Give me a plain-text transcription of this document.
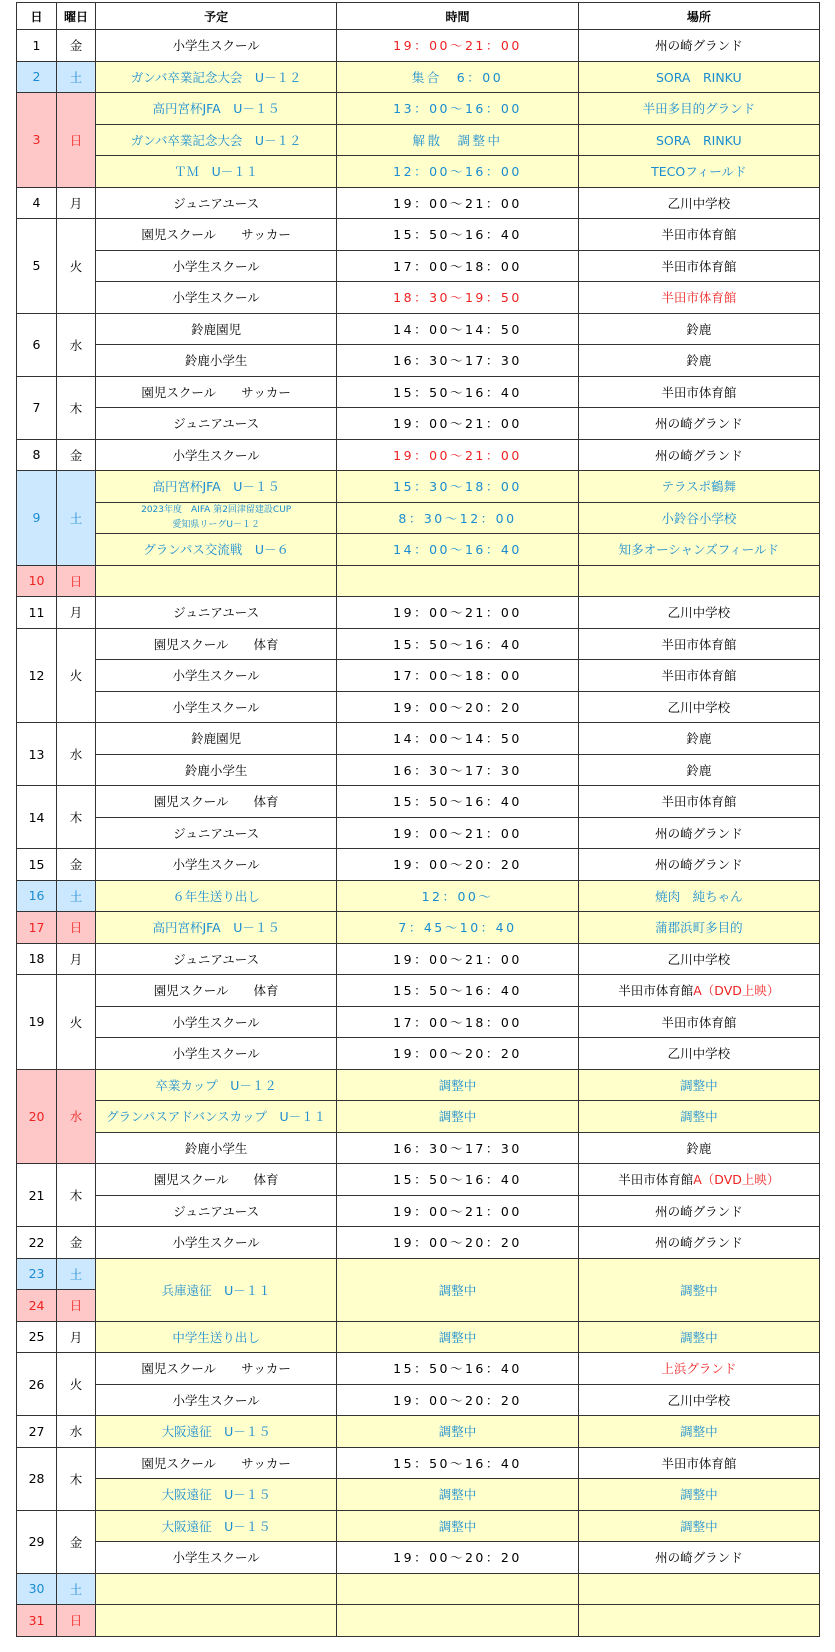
日	曜日	予定	時間	場所
1	金	小学生スクール	19：00～21：00	州の崎グランド
2	土	ガンバ卒業記念大会　U－１２	集合　6：00	SORA　RINKU
3	日	高円宮杯JFA　U－１５	13：00～16：00	半田多目的グランド
		ガンバ卒業記念大会　U－１２	解散　調整中	SORA　RINKU
		ＴＭ　U－１１	12：00～16：00	TECOフィールド
4	月	ジュニアユース	19：00～21：00	乙川中学校
5	火	園児スクール　　サッカー	15：50～16：40	半田市体育館
		小学生スクール	17：00～18：00	半田市体育館
		小学生スクール	18：30～19：50	半田市体育館
6	水	鈴鹿園児	14：00～14：50	鈴鹿
		鈴鹿小学生	16：30～17：30	鈴鹿
7	木	園児スクール　　サッカー	15：50～16：40	半田市体育館
		ジュニアユース	19：00～21：00	州の崎グランド
8	金	小学生スクール	19：00～21：00	州の崎グランド
9	土	高円宮杯JFA　U－１５	15：30～18：00	テラスポ鶴舞

		2023年度　AIFA 第2回津留建設CUP
愛知県リーグU－１２	8：30～12：00	小鈴谷小学校
		グランパス交流戦　U－６	14：00～16：40	知多オーシャンズフィールド
10	日			
11	月	ジュニアユース	19：00～21：00	乙川中学校
12	火	園児スクール　　体育	15：50～16：40	半田市体育館
		小学生スクール	17：00～18：00	半田市体育館
		小学生スクール	19：00～20：20	乙川中学校
13	水	鈴鹿園児	14：00～14：50	鈴鹿
		鈴鹿小学生	16：30～17：30	鈴鹿
14	木	園児スクール　　体育	15：50～16：40	半田市体育館
		ジュニアユース	19：00～21：00	州の崎グランド
15	金	小学生スクール	19：00～20：20	州の崎グランド
16	土	６年生送り出し	12：00～	焼肉　純ちゃん
17	日	高円宮杯JFA　U－１５	7：45～10：40	蒲郡浜町多目的
18	月	ジュニアユース	19：00～21：00	乙川中学校
19	火	園児スクール　　体育	15：50～16：40	半田市体育館A（DVD上映）
		小学生スクール	17：00～18：00	半田市体育館
		小学生スクール	19：00～20：20	乙川中学校
20	水	卒業カップ　U－１２	調整中	調整中
		グランパスアドバンスカップ　U－１１	調整中	調整中
		鈴鹿小学生	16：30～17：30	鈴鹿
21	木	園児スクール　　体育	15：50～16：40	半田市体育館A（DVD上映）
		ジュニアユース	19：00～21：00	州の崎グランド
22	金	小学生スクール	19：00～20：20	州の崎グランド
23	土	兵庫遠征　U－１１	調整中	調整中
24	日			
25	月	中学生送り出し	調整中	調整中
26	火	園児スクール　　サッカー	15：50～16：40	上浜グランド
		小学生スクール	19：00～20：20	乙川中学校
27	水	大阪遠征　U－１５	調整中	調整中
28	木	園児スクール　　サッカー	15：50～16：40	半田市体育館
		大阪遠征　U－１５	調整中	調整中
29	金	大阪遠征　U－１５	調整中	調整中
		小学生スクール	19：00～20：20	州の崎グランド
30	土			
31	日			
